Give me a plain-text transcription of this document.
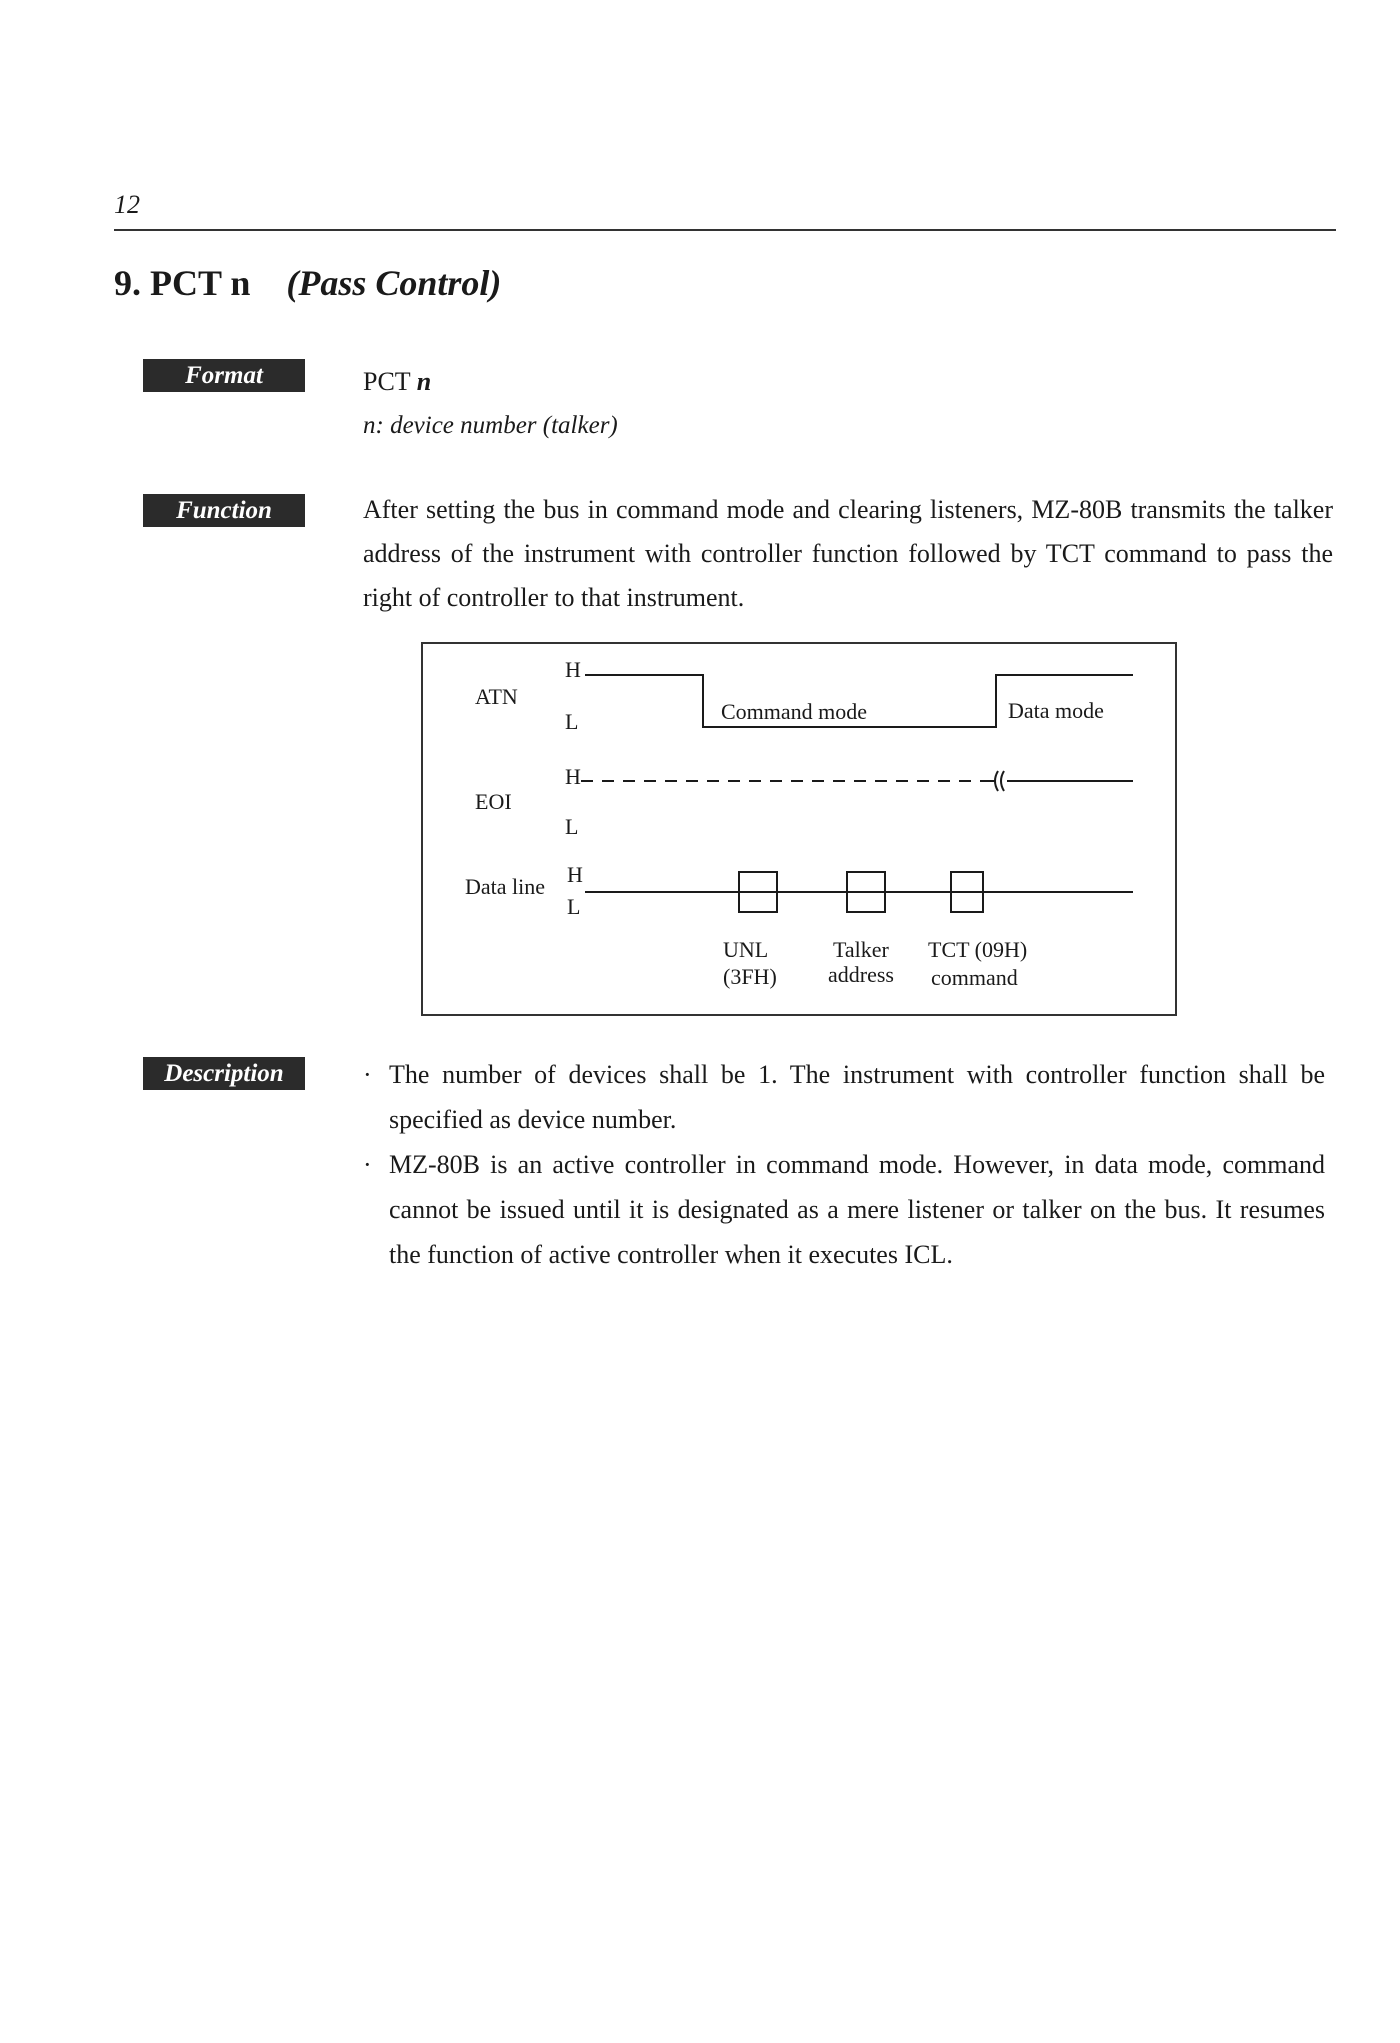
12
9. PCT n (Pass Control)
Format	PCT n
n: device number (talker)
Function	After setting the bus in command mode and clearing listeners, MZ-80B transmits the talker address of the instrument with controller function followed by TCT command to pass the right of controller to that instrument.
ATN
H
L	Command mode	Data mode
EOI
H
L
Data line H
L
UNL
(3FH)
Talker
address
TCT (09H)
command
Description	· The number of devices shall be 1. The instrument with controller function shall be specified as device number.
· MZ-80B is an active controller in command mode. However, in data mode, command cannot be issued until it is designated as a mere listener or talker on the bus. It resumes the function of active controller when it executes ICL.
